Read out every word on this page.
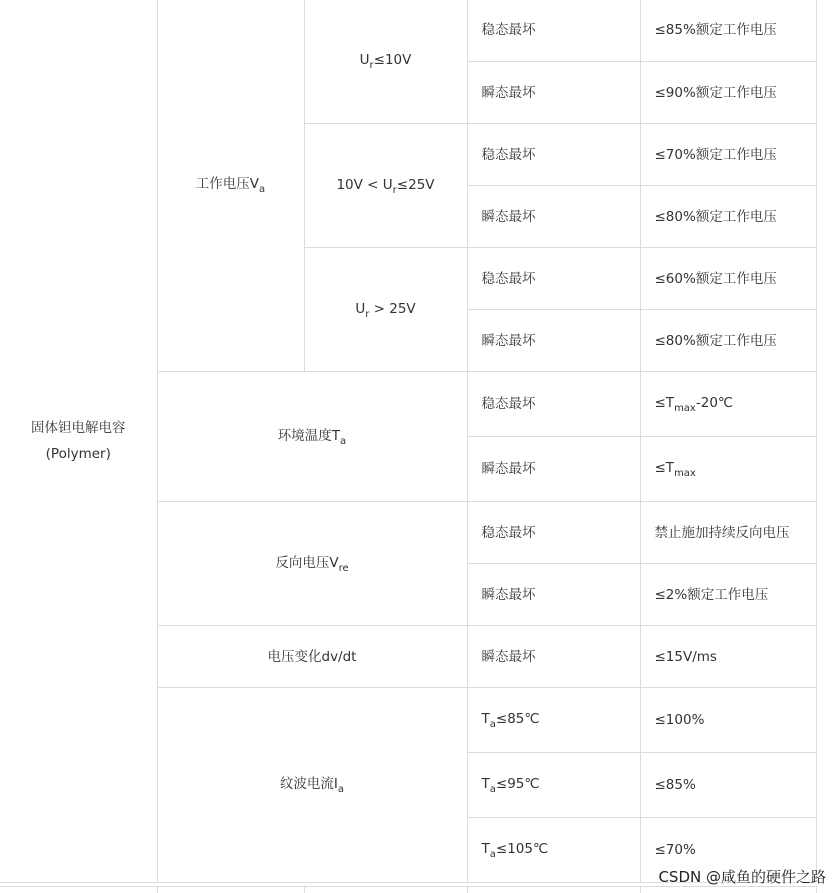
固体钽电解电容
(Polymer)	工作电压$V_a$	$U_r\le 10V$	稳态最坏	≤85%额定工作电压
			瞬态最坏	≤90%额定工作电压
		$10V < U_r\le 25V$	稳态最坏	≤70%额定工作电压
			瞬态最坏	≤80%额定工作电压
		$U_r > 25V$	稳态最坏	≤60%额定工作电压
			瞬态最坏	≤80%额定工作电压
	环境温度$T_a$		稳态最坏	$\le T_{max}-20℃$
			瞬态最坏	$\le T_{max}$
	反向电压$V_{re}$		稳态最坏	禁止施加持续反向电压
			瞬态最坏	≤2%额定工作电压
	电压变化dv/dt		瞬态最坏	≤15V/ms
	纹波电流$I_a$		$T_a\le 85℃$	≤100%
			$T_a\le 95℃$	≤85%
			$T_a\le 105℃$	≤70%
CSDN @咸鱼的硬件之路
